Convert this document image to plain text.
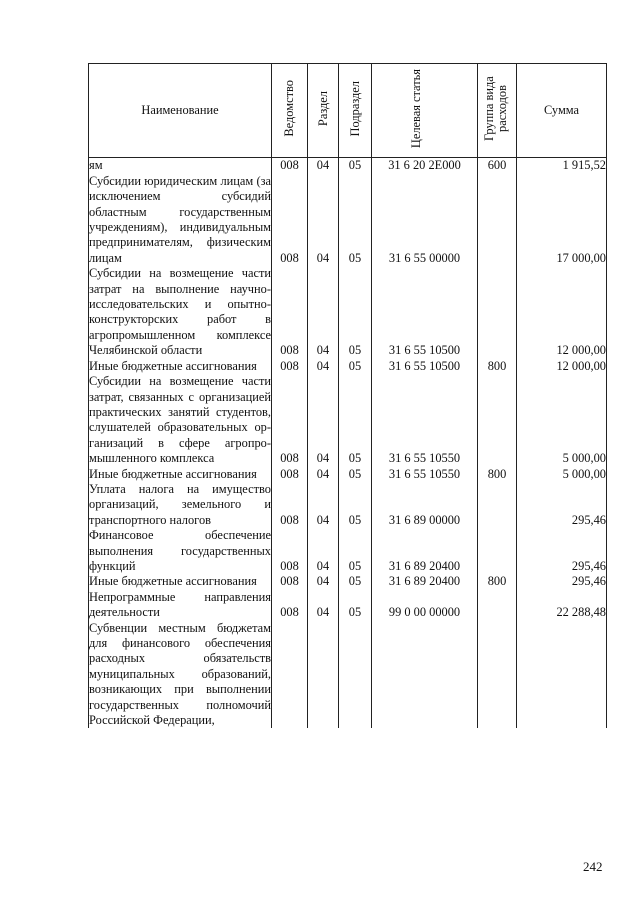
Наименование	Ведомство	Раздел	Подраздел	Целевая статья	Группа вида расходов	Сумма
ям	008	04	05	31 6 20 2Е000	600	1 915,52
Субсидии юридическим лицам (за исключением субсидий областным государственным учреждениям), индивидуальным предпринимателям, физическим лицам	008	04	05	31 6 55 00000		17 000,00
Субсидии на возмещение части затрат на выполнение научно-исследовательских и опытно-конструкторских работ в агропромышленном комплексе Челябинской области	008	04	05	31 6 55 10500		12 000,00
Иные бюджетные ассигнования	008	04	05	31 6 55 10500	800	12 000,00
Субсидии на возмещение части затрат, связанных с организацией практических занятий студентов, слушателей образовательных организаций в сфере агропромышленного комплекса	008	04	05	31 6 55 10550		5 000,00
Иные бюджетные ассигнования	008	04	05	31 6 55 10550	800	5 000,00
Уплата налога на имущество организаций, земельного и транспортного налогов	008	04	05	31 6 89 00000		295,46
Финансовое обеспечение выполнения государственных функций	008	04	05	31 6 89 20400		295,46
Иные бюджетные ассигнования	008	04	05	31 6 89 20400	800	295,46
Непрограммные направления деятельности	008	04	05	99 0 00 00000		22 288,48
Субвенции местным бюджетам для финансового обеспечения расходных обязательств муниципальных образований, возникающих при выполнении государственных полномочий Российской Федерации,						
242
